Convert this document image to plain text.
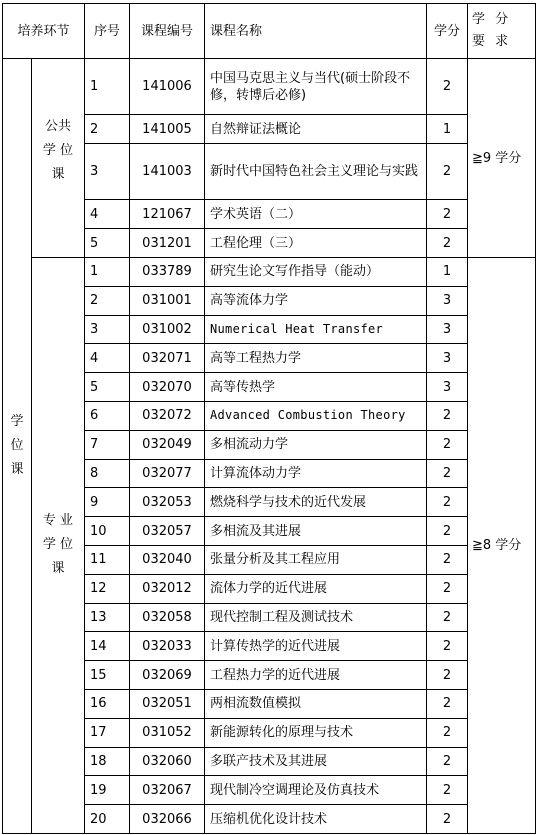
培养环节		序号	课程编号	课程名称	学分	学 分 要 求

学
位
课	公共
学 位
课	1	141006	中国马克思主义与当代(硕士阶段不修，转博后必修)	2	≧9 学分
		2	141005	自然辩证法概论	1	
		3	141003	新时代中国特色社会主义理论与实践	2	
		4	121067	学术英语（二）	2	
		5	031201	工程伦理（三）	2	

	专 业
学 位
课	1	033789	研究生论文写作指导（能动）	1	≧8 学分
		2	031001	高等流体力学	3	
		3	031002	Numerical Heat Transfer	3	
		4	032071	高等工程热力学	3	
		5	032070	高等传热学	3	
		6	032072	Advanced Combustion Theory	2	
		7	032049	多相流动力学	2	
		8	032077	计算流体动力学	2	
		9	032053	燃烧科学与技术的近代发展	2	
		10	032057	多相流及其进展	2	
		11	032040	张量分析及其工程应用	2	
		12	032012	流体力学的近代进展	2	
		13	032058	现代控制工程及测试技术	2	
		14	032033	计算传热学的近代进展	2	
		15	032069	工程热力学的近代进展	2	
		16	032051	两相流数值模拟	2	
		17	031052	新能源转化的原理与技术	2	
		18	032060	多联产技术及其进展	2	
		19	032067	现代制冷空调理论及仿真技术	2	
		20	032066	压缩机优化设计技术	2	
